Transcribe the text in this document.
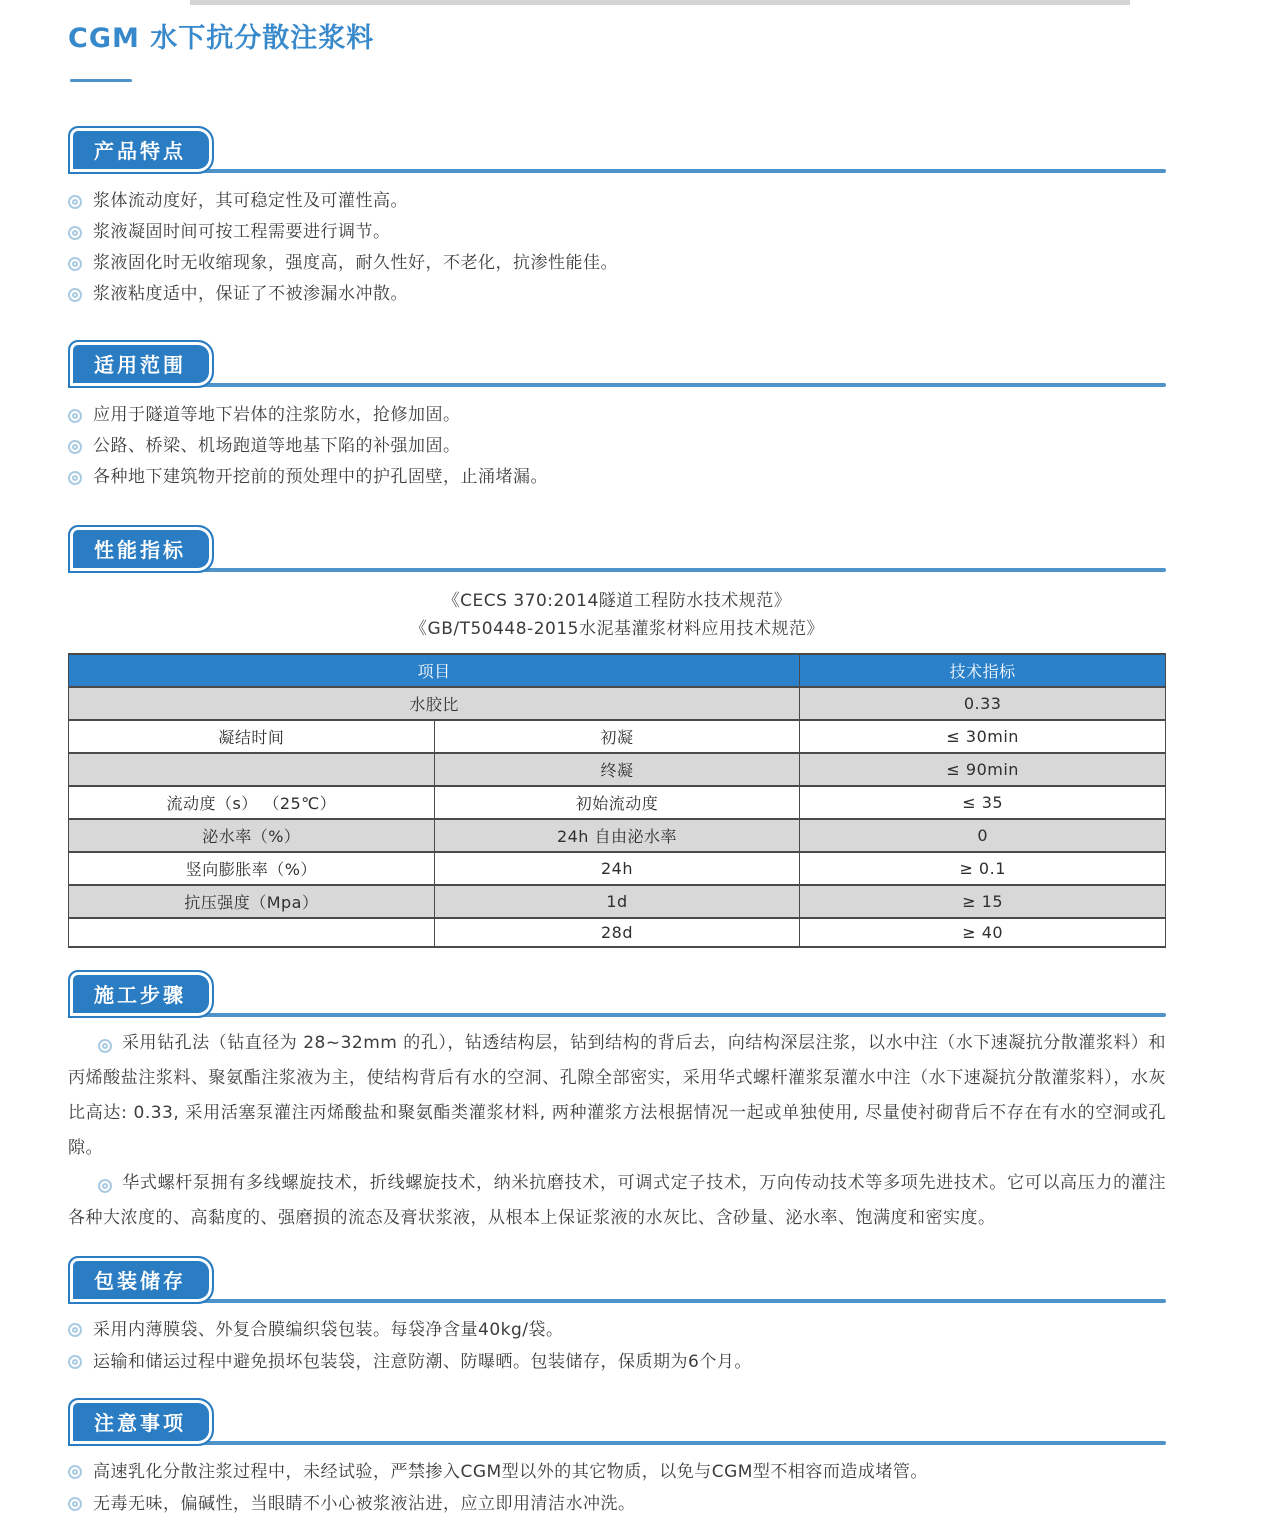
CGM 水下抗分散注浆料
产品特点
浆体流动度好，其可稳定性及可灌性高。
浆液凝固时间可按工程需要进行调节。
浆液固化时无收缩现象，强度高，耐久性好，不老化，抗渗性能佳。
浆液粘度适中，保证了不被渗漏水冲散。
适用范围
应用于隧道等地下岩体的注浆防水，抢修加固。
公路、桥梁、机场跑道等地基下陷的补强加固。
各种地下建筑物开挖前的预处理中的护孔固壁，止涌堵漏。
性能指标
《CECS 370:2014隧道工程防水技术规范》
《GB/T50448-2015水泥基灌浆材料应用技术规范》
项目		技术指标
水胶比		0.33
凝结时间	初凝	≤ 30min
	终凝	≤ 90min
流动度（s） （25℃）	初始流动度	≤ 35
泌水率（%）	24h 自由泌水率	0
竖向膨胀率（%）	24h	≥ 0.1
抗压强度（Mpa）	1d	≥ 15
	28d	≥ 40
施工步骤

采用钻孔法（钻直径为 28~32mm 的孔），钻透结构层，钻到结构的背后去，向结构深层注浆，以水中注（水下速凝抗分散灌浆料）和丙烯酸盐注浆料、聚氨酯注浆液为主，使结构背后有水的空洞、孔隙全部密实，采用华式螺杆灌浆泵灌水中注（水下速凝抗分散灌浆料），水灰比高达: 0.33, 采用活塞泵灌注丙烯酸盐和聚氨酯类灌浆材料, 两种灌浆方法根据情况一起或单独使用, 尽量使衬砌背后不存在有水的空洞或孔隙。

华式螺杆泵拥有多线螺旋技术，折线螺旋技术，纳米抗磨技术，可调式定子技术，万向传动技术等多项先进技术。它可以高压力的灌注各种大浓度的、高黏度的、强磨损的流态及膏状浆液，从根本上保证浆液的水灰比、含砂量、泌水率、饱满度和密实度。

包装储存
采用内薄膜袋、外复合膜编织袋包装。每袋净含量40kg/袋。
运输和储运过程中避免损坏包装袋，注意防潮、防曝晒。包装储存，保质期为6个月。
注意事项
高速乳化分散注浆过程中，未经试验，严禁掺入CGM型以外的其它物质，以免与CGM型不相容而造成堵管。
无毒无味，偏碱性，当眼睛不小心被浆液沾进，应立即用清洁水冲洗。
